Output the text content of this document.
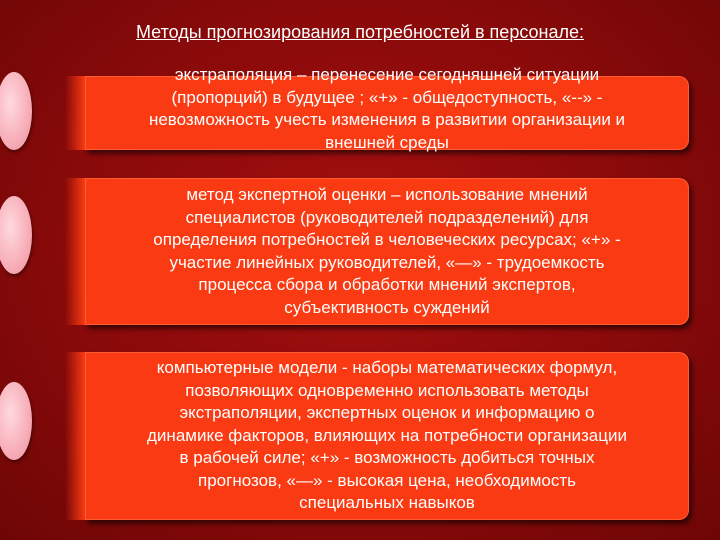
Методы прогнозирования потребностей в персонале:
экстраполяция – перенесение сегодняшней ситуации
(пропорций) в будущее ; «+» - общедоступность, «--» -
невозможность учесть изменения в развитии организации и
внешней среды
метод экспертной оценки – использование мнений
специалистов (руководителей подразделений) для
определения потребностей в человеческих ресурсах; «+» -
участие линейных руководителей, «—» - трудоемкость
процесса сбора и обработки мнений экспертов,
субъективность суждений
компьютерные модели - наборы математических формул,
позволяющих одновременно использовать методы
экстраполяции, экспертных оценок и информацию о
динамике факторов, влияющих на потребности организации
в рабочей силе; «+» - возможность добиться точных
прогнозов, «—» - высокая цена, необходимость
специальных навыков
